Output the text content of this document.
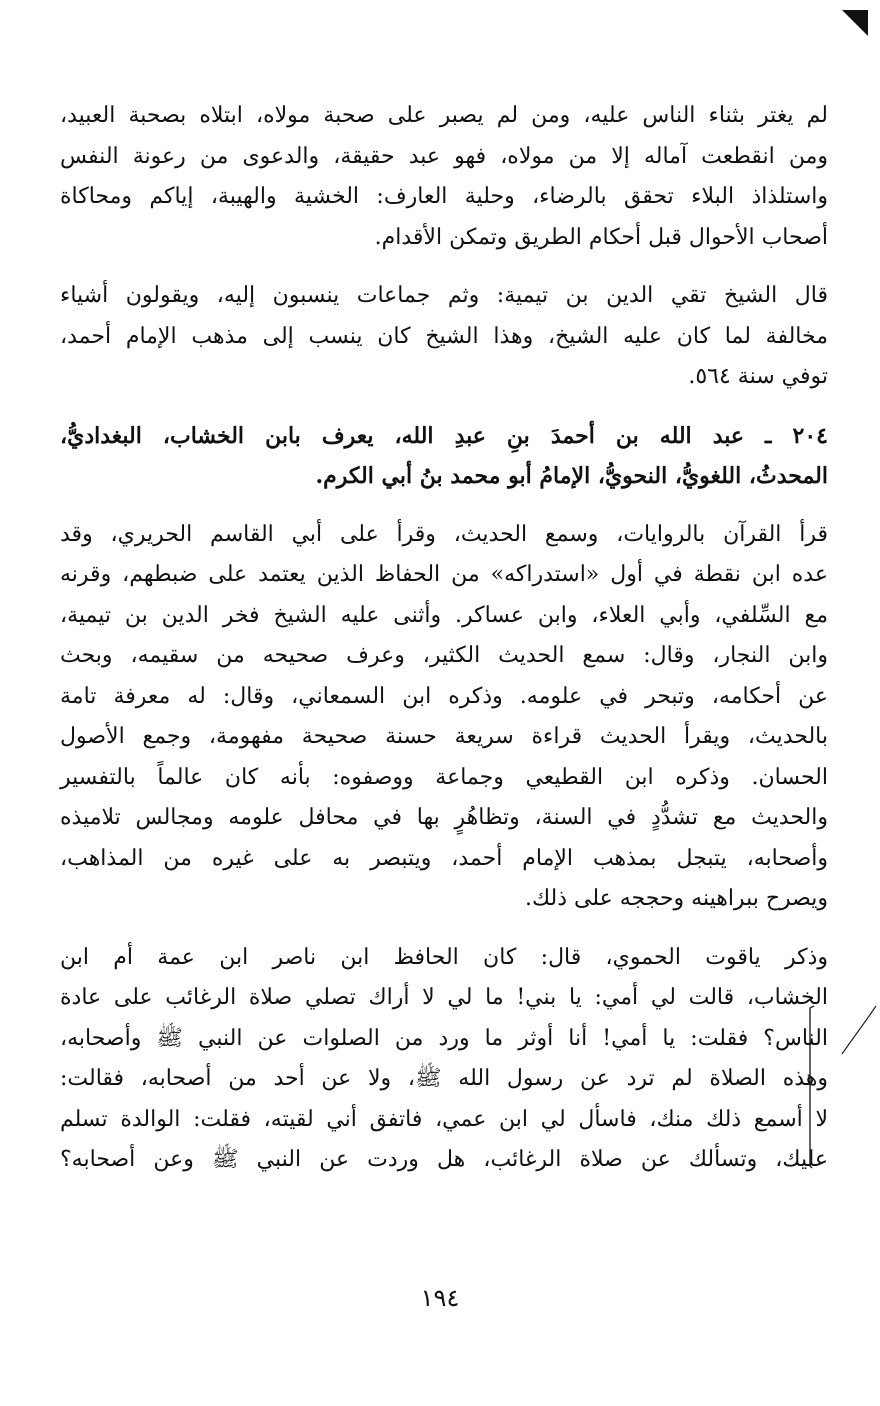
لم يغتر بثناء الناس عليه، ومن لم يصبر على صحبة مولاه، ابتلاه بصحبة العبيد،
ومن انقطعت آماله إلا من مولاه، فهو عبد حقيقة، والدعوى من رعونة النفس
واستلذاذ البلاء تحقق بالرضاء، وحلية العارف: الخشية والهيبة، إياكم ومحاكاة
أصحاب الأحوال قبل أحكام الطريق وتمكن الأقدام.

قال الشيخ تقي الدين بن تيمية: وثم جماعات ينسبون إليه، ويقولون أشياء
مخالفة لما كان عليه الشيخ، وهذا الشيخ كان ينسب إلى مذهب الإمام أحمد،
توفي سنة ٥٦٤.

٢٠٤ ـ عبد الله بن أحمدَ بنِ عبدِ الله، يعرف بابن الخشاب، البغداديُّ،
المحدثُ، اللغويُّ، النحويُّ، الإمامُ أبو محمد بنُ أبي الكرم.

قرأ القرآن بالروايات، وسمع الحديث، وقرأ على أبي القاسم الحريري، وقد
عده ابن نقطة في أول «استدراكه» من الحفاظ الذين يعتمد على ضبطهم، وقرنه
مع السِّلفي، وأبي العلاء، وابن عساكر. وأثنى عليه الشيخ فخر الدين بن تيمية،
وابن النجار، وقال: سمع الحديث الكثير، وعرف صحيحه من سقيمه، وبحث
عن أحكامه، وتبحر في علومه. وذكره ابن السمعاني، وقال: له معرفة تامة
بالحديث، ويقرأ الحديث قراءة سريعة حسنة صحيحة مفهومة، وجمع الأصول
الحسان. وذكره ابن القطيعي وجماعة ووصفوه: بأنه كان عالماً بالتفسير
والحديث مع تشدُّدٍ في السنة، وتظاهُرٍ بها في محافل علومه ومجالس تلاميذه
وأصحابه، يتبجل بمذهب الإمام أحمد، ويتبصر به على غيره من المذاهب،
ويصرح ببراهينه وحججه على ذلك.

وذكر ياقوت الحموي، قال: كان الحافظ ابن ناصر ابن عمة أم ابن
الخشاب، قالت لي أمي: يا بني! ما لي لا أراك تصلي صلاة الرغائب على عادة
الناس؟ فقلت: يا أمي! أنا أوثر ما ورد من الصلوات عن النبي ﷺ وأصحابه،
وهذه الصلاة لم ترد عن رسول الله ﷺ، ولا عن أحد من أصحابه، فقالت:
لا أسمع ذلك منك، فاسأل لي ابن عمي، فاتفق أني لقيته، فقلت: الوالدة تسلم
عليك، وتسألك عن صلاة الرغائب، هل وردت عن النبي ﷺ وعن أصحابه؟

١٩٤
